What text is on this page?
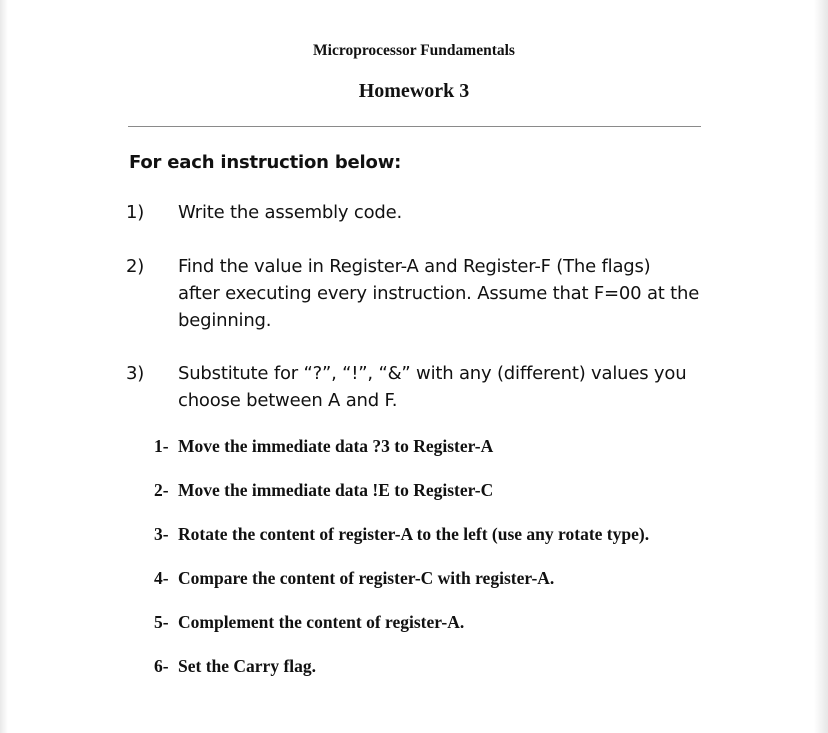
Microprocessor Fundamentals
Homework 3
For each instruction below:
1) Write the assembly code.
2) Find the value in Register-A and Register-F (The flags)
after executing every instruction. Assume that F=00 at the
beginning.
3) Substitute for “?”, “!”, “&” with any (different) values you
choose between A and F.
1- Move the immediate data ?3 to Register-A
2- Move the immediate data !E to Register-C
3- Rotate the content of register-A to the left (use any rotate type).
4- Compare the content of register-C with register-A.
5- Complement the content of register-A.
6- Set the Carry flag.
